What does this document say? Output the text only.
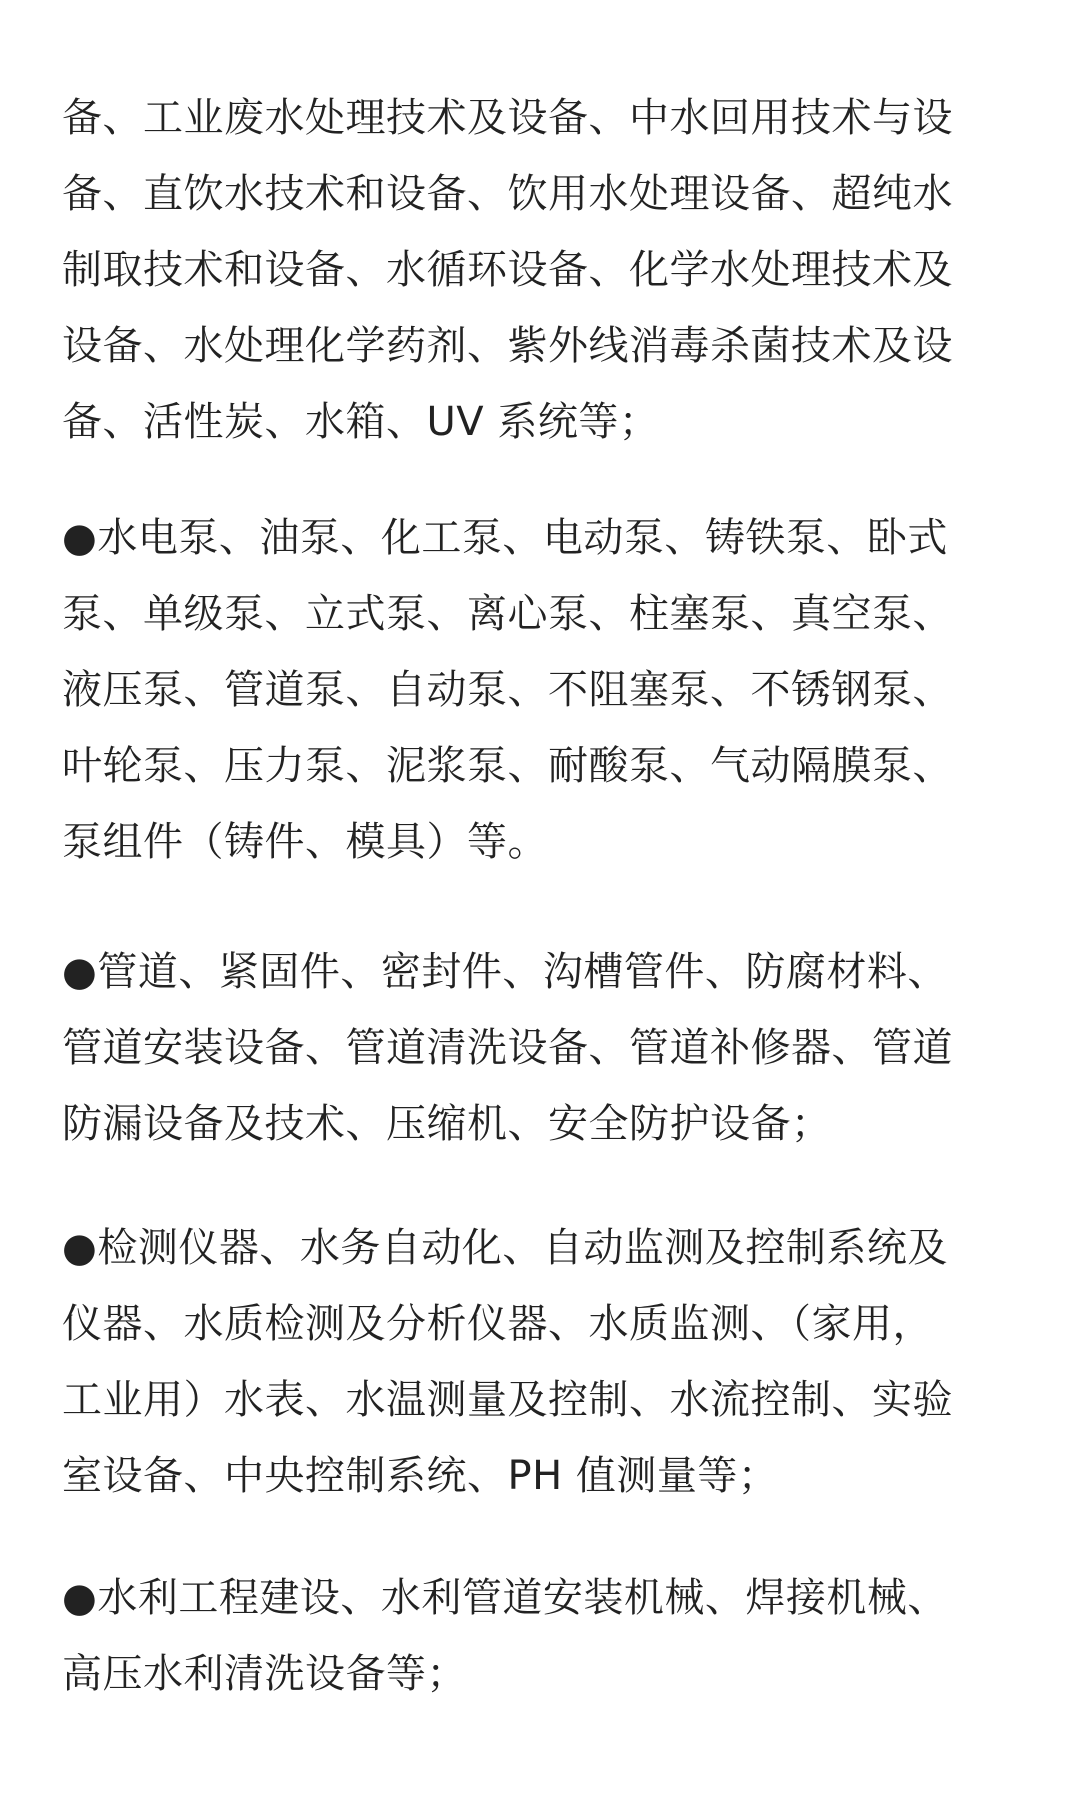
备、工业废水处理技术及设备、中水回用技术与设
备、直饮水技术和设备、饮用水处理设备、超纯水
制取技术和设备、水循环设备、化学水处理技术及
设备、水处理化学药剂、紫外线消毒杀菌技术及设
备、活性炭、水箱、UV 系统等；

●水电泵、油泵、化工泵、电动泵、铸铁泵、卧式
泵、单级泵、立式泵、离心泵、柱塞泵、真空泵、
液压泵、管道泵、自动泵、不阻塞泵、不锈钢泵、
叶轮泵、压力泵、泥浆泵、耐酸泵、气动隔膜泵、
泵组件（铸件、模具）等。

●管道、紧固件、密封件、沟槽管件、防腐材料、
管道安装设备、管道清洗设备、管道补修器、管道
防漏设备及技术、压缩机、安全防护设备；

●检测仪器、水务自动化、自动监测及控制系统及
仪器、水质检测及分析仪器、水质监测、（家用，
工业用）水表、水温测量及控制、水流控制、实验
室设备、中央控制系统、PH 值测量等；

●水利工程建设、水利管道安装机械、焊接机械、
高压水利清洗设备等；
